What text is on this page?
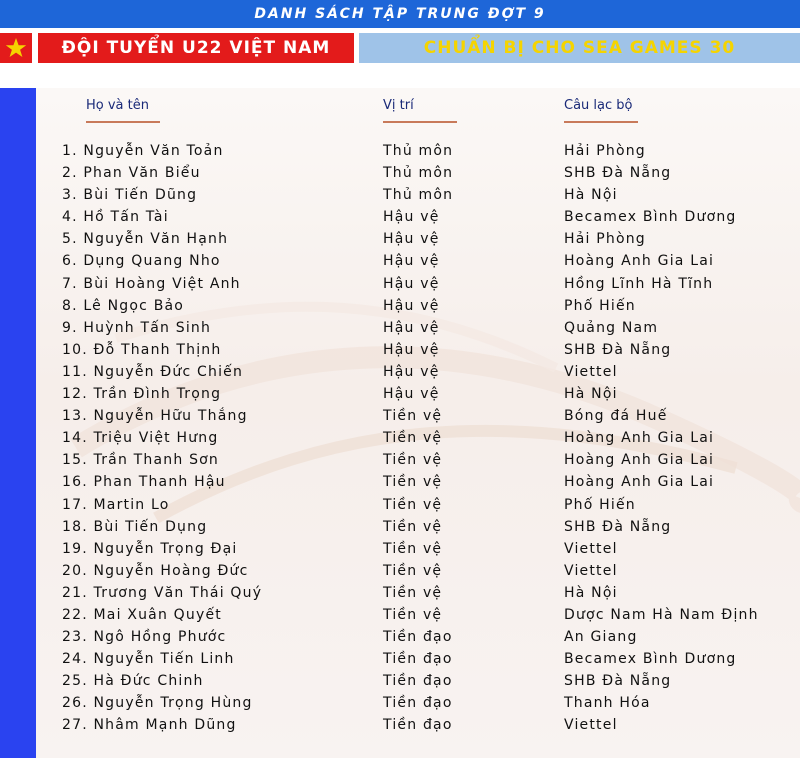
DANH SÁCH TẬP TRUNG ĐỢT 9
ĐỘI TUYỂN U22 VIỆT NAM	CHUẨN BỊ CHO SEA GAMES 30
Họ và tên	Vị trí	Câu lạc bộ
1. Nguyễn Văn Toản	Thủ môn	Hải Phòng
2. Phan Văn Biểu	Thủ môn	SHB Đà Nẵng
3. Bùi Tiến Dũng	Thủ môn	Hà Nội
4. Hồ Tấn Tài	Hậu vệ	Becamex Bình Dương
5. Nguyễn Văn Hạnh	Hậu vệ	Hải Phòng
6. Dụng Quang Nho	Hậu vệ	Hoàng Anh Gia Lai
7. Bùi Hoàng Việt Anh	Hậu vệ	Hồng Lĩnh Hà Tĩnh
8. Lê Ngọc Bảo	Hậu vệ	Phố Hiến
9. Huỳnh Tấn Sinh	Hậu vệ	Quảng Nam
10. Đỗ Thanh Thịnh	Hậu vệ	SHB Đà Nẵng
11. Nguyễn Đức Chiến	Hậu vệ	Viettel
12. Trần Đình Trọng	Hậu vệ	Hà Nội
13. Nguyễn Hữu Thắng	Tiền vệ	Bóng đá Huế
14. Triệu Việt Hưng	Tiền vệ	Hoàng Anh Gia Lai
15. Trần Thanh Sơn	Tiền vệ	Hoàng Anh Gia Lai
16. Phan Thanh Hậu	Tiền vệ	Hoàng Anh Gia Lai
17. Martin Lo	Tiền vệ	Phố Hiến
18. Bùi Tiến Dụng	Tiền vệ	SHB Đà Nẵng
19. Nguyễn Trọng Đại	Tiền vệ	Viettel
20. Nguyễn Hoàng Đức	Tiền vệ	Viettel
21. Trương Văn Thái Quý	Tiền vệ	Hà Nội
22. Mai Xuân Quyết	Tiền vệ	Dược Nam Hà Nam Định
23. Ngô Hồng Phước	Tiền đạo	An Giang
24. Nguyễn Tiến Linh	Tiền đạo	Becamex Bình Dương
25. Hà Đức Chinh	Tiền đạo	SHB Đà Nẵng
26. Nguyễn Trọng Hùng	Tiền đạo	Thanh Hóa
27. Nhâm Mạnh Dũng	Tiền đạo	Viettel
